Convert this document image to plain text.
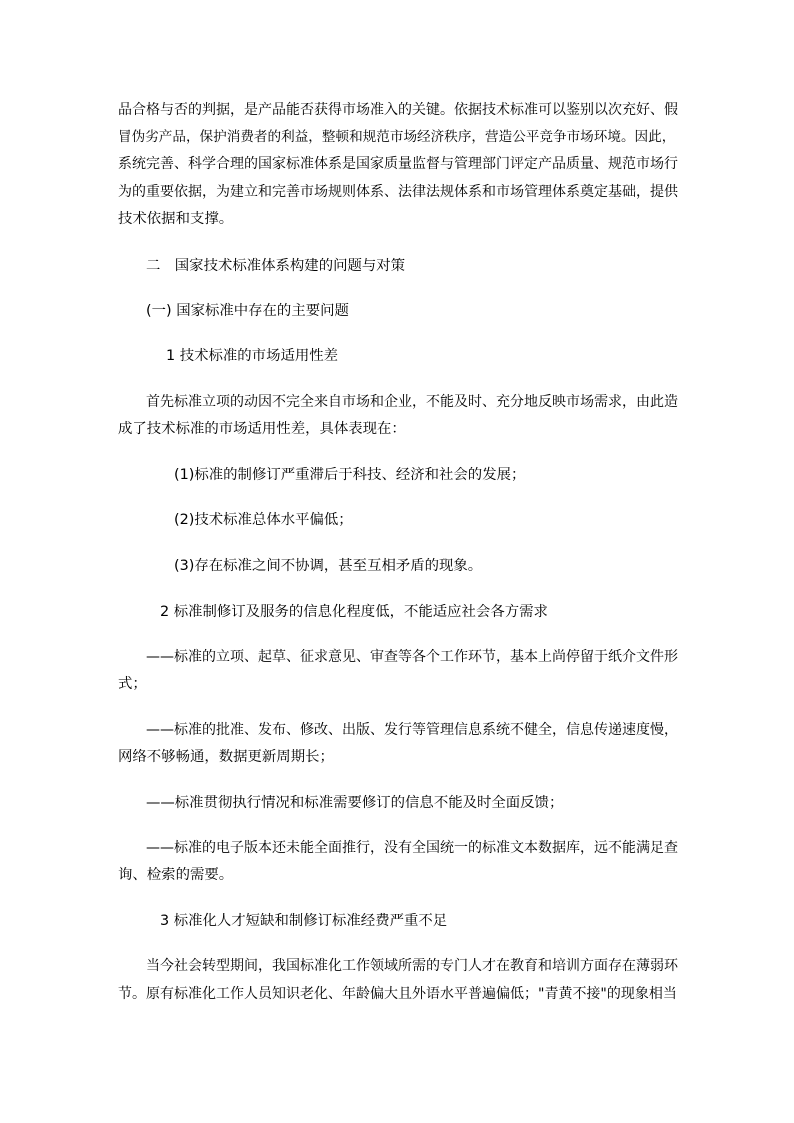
品合格与否的判据，是产品能否获得市场准入的关键。依据技术标准可以鉴别以次充好、假
冒伪劣产品，保护消费者的利益，整顿和规范市场经济秩序，营造公平竞争市场环境。因此，
系统完善、科学合理的国家标准体系是国家质量监督与管理部门评定产品质量、规范市场行
为的重要依据，为建立和完善市场规则体系、法律法规体系和市场管理体系奠定基础，提供
技术依据和支撑。
二　国家技术标准体系构建的问题与对策
(一) 国家标准中存在的主要问题
1 技术标准的市场适用性差
首先标准立项的动因不完全来自市场和企业，不能及时、充分地反映市场需求，由此造
成了技术标准的市场适用性差，具体表现在：
(1)标准的制修订严重滞后于科技、经济和社会的发展；
(2)技术标准总体水平偏低；
(3)存在标准之间不协调，甚至互相矛盾的现象。
2 标准制修订及服务的信息化程度低，不能适应社会各方需求
——标准的立项、起草、征求意见、审查等各个工作环节，基本上尚停留于纸介文件形
式；
——标准的批准、发布、修改、出版、发行等管理信息系统不健全，信息传递速度慢，
网络不够畅通，数据更新周期长；
——标准贯彻执行情况和标准需要修订的信息不能及时全面反馈；
——标准的电子版本还未能全面推行，没有全国统一的标准文本数据库，远不能满足查
询、检索的需要。
3 标准化人才短缺和制修订标准经费严重不足
当今社会转型期间，我国标准化工作领域所需的专门人才在教育和培训方面存在薄弱环
节。原有标准化工作人员知识老化、年龄偏大且外语水平普遍偏低；"青黄不接"的现象相当
